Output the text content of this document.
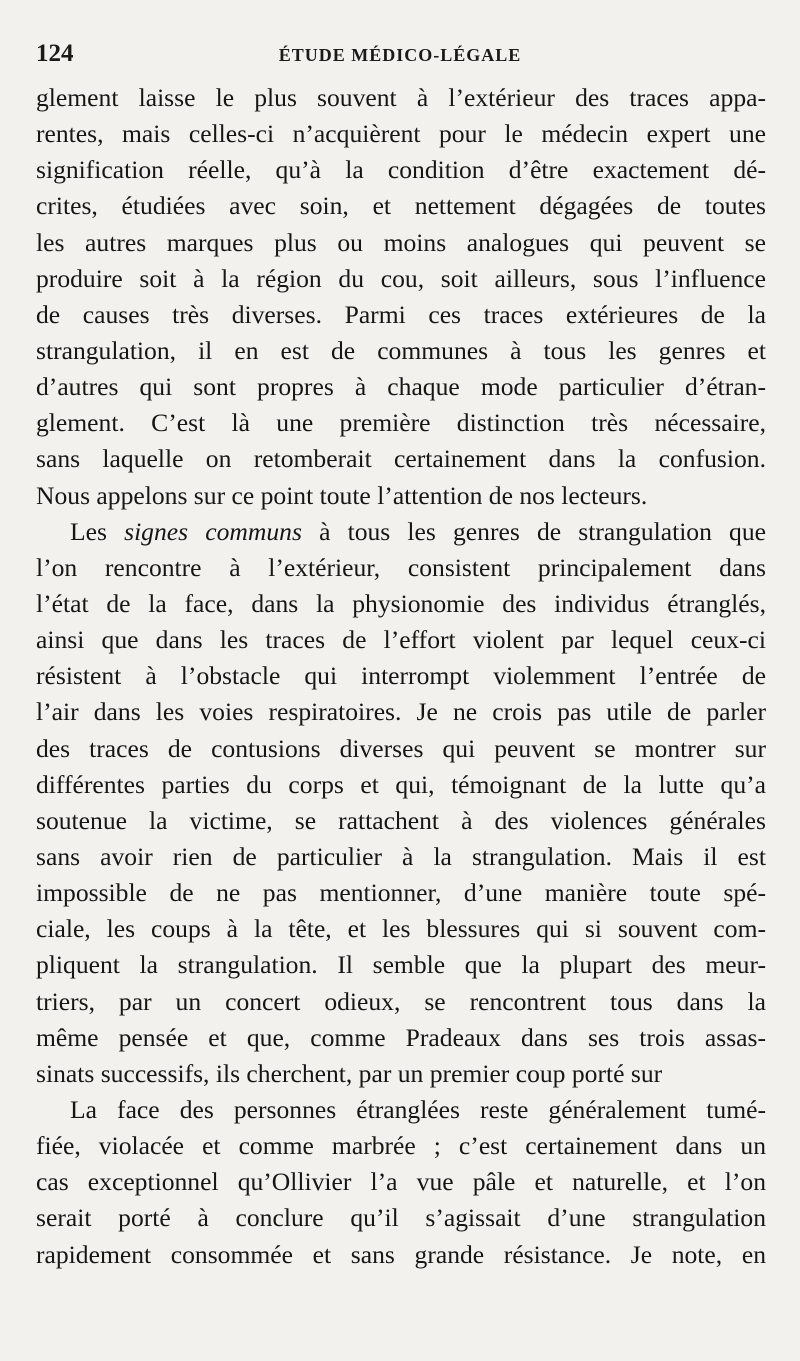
124	ÉTUDE MÉDICO-LÉGALE
glement laisse le plus souvent à l’extérieur des traces appa-
rentes, mais celles-ci n’acquièrent pour le médecin expert une
signification réelle, qu’à la condition d’être exactement dé-
crites, étudiées avec soin, et nettement dégagées de toutes
les autres marques plus ou moins analogues qui peuvent se
produire soit à la région du cou, soit ailleurs, sous l’influence
de causes très diverses. Parmi ces traces extérieures de la
strangulation, il en est de communes à tous les genres et
d’autres qui sont propres à chaque mode particulier d’étran-
glement. C’est là une première distinction très nécessaire,
sans laquelle on retomberait certainement dans la confusion.
Nous appelons sur ce point toute l’attention de nos lecteurs.
Les signes communs à tous les genres de strangulation que
l’on rencontre à l’extérieur, consistent principalement dans
l’état de la face, dans la physionomie des individus étranglés,
ainsi que dans les traces de l’effort violent par lequel ceux-ci
résistent à l’obstacle qui interrompt violemment l’entrée de
l’air dans les voies respiratoires. Je ne crois pas utile de parler
des traces de contusions diverses qui peuvent se montrer sur
différentes parties du corps et qui, témoignant de la lutte qu’a
soutenue la victime, se rattachent à des violences générales
sans avoir rien de particulier à la strangulation. Mais il est
impossible de ne pas mentionner, d’une manière toute spé-
ciale, les coups à la tête, et les blessures qui si souvent com-
pliquent la strangulation. Il semble que la plupart des meur-
triers, par un concert odieux, se rencontrent tous dans la
même pensée et que, comme Pradeaux dans ses trois assas-
sinats successifs, ils cherchent, par un premier coup porté sur
La face des personnes étranglées reste généralement tumé-
fiée, violacée et comme marbrée ; c’est certainement dans un
cas exceptionnel qu’Ollivier l’a vue pâle et naturelle, et l’on
serait porté à conclure qu’il s’agissait d’une strangulation
rapidement consommée et sans grande résistance. Je note, en
